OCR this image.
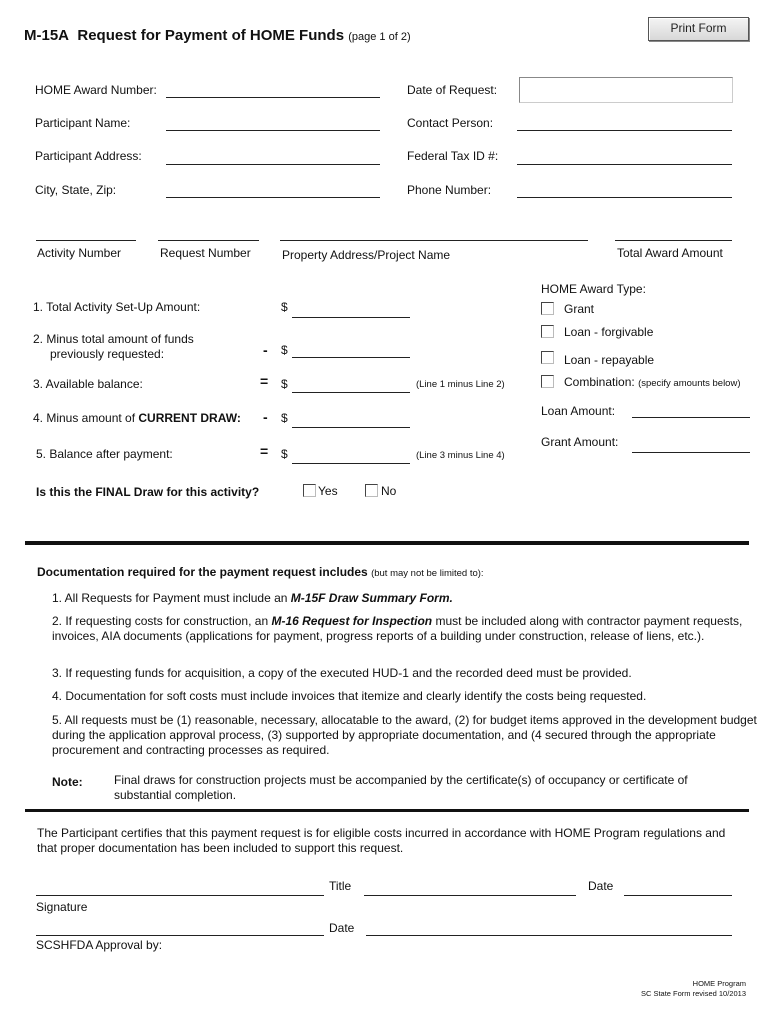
M-15A Request for Payment of HOME Funds (page 1 of 2)
Print Form
HOME Award Number:	Date of Request:
Participant Name:	Contact Person:
Participant Address:	Federal Tax ID #:
City, State, Zip:	Phone Number:
Activity Number	Request Number	Property Address/Project Name	Total Award Amount
1. Total Activity Set-Up Amount:	$
2. Minus total amount of funds
previously requested:	- $
3. Available balance:	= $	(Line 1 minus Line 2)
4. Minus amount of CURRENT DRAW: - $
5. Balance after payment:	= $	(Line 3 minus Line 4)
HOME Award Type:
Grant
Loan - forgivable
Loan - repayable
Combination: (specify amounts below)
Loan Amount:
Grant Amount:
Is this the FINAL Draw for this activity?	Yes	No
Documentation required for the payment request includes (but may not be limited to):
1. All Requests for Payment must include an M-15F Draw Summary Form.
2. If requesting costs for construction, an M-16 Request for Inspection must be included along with contractor payment requests, invoices, AIA documents (applications for payment, progress reports of a building under construction, release of liens, etc.).
3. If requesting funds for acquisition, a copy of the executed HUD-1 and the recorded deed must be provided.
4. Documentation for soft costs must include invoices that itemize and clearly identify the costs being requested.
5. All requests must be (1) reasonable, necessary, allocatable to the award, (2) for budget items approved in the development budget during the application approval process, (3) supported by appropriate documentation, and (4 secured through the appropriate procurement and contracting processes as required.
Note:	Final draws for construction projects must be accompanied by the certificate(s) of occupancy or certificate of substantial completion.
The Participant certifies that this payment request is for eligible costs incurred in accordance with HOME Program regulations and that proper documentation has been included to support this request.
Title	Date
Signature
Date
SCSHFDA Approval by:
HOME Program
SC State Form revised 10/2013
